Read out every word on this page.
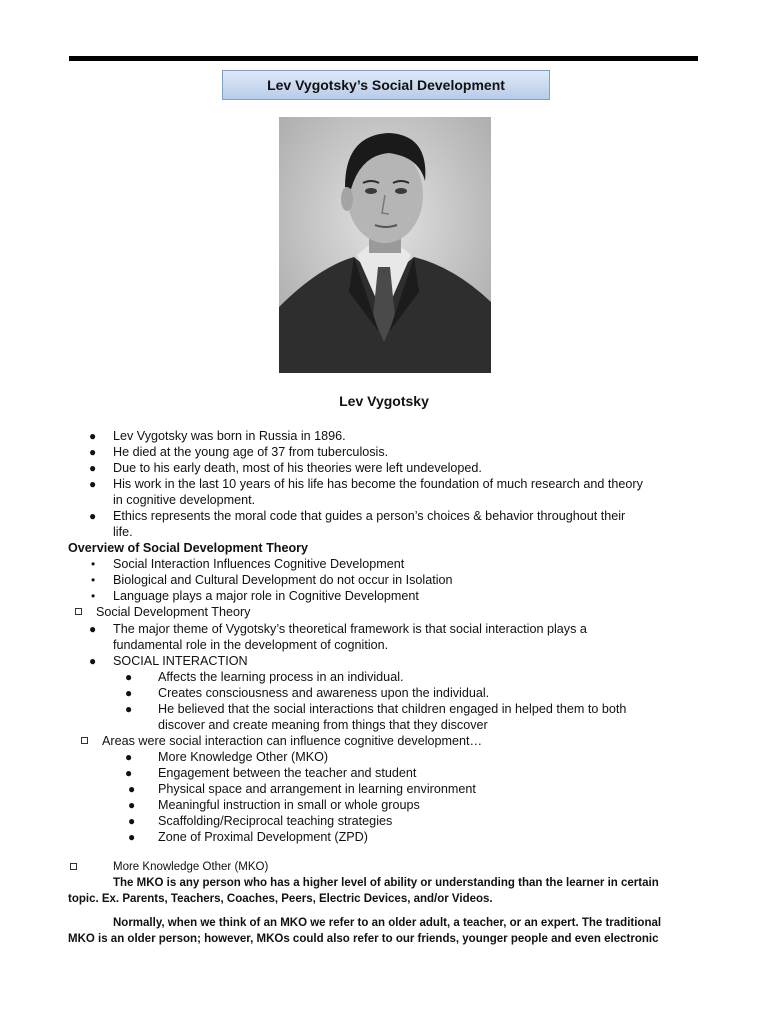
Lev Vygotsky’s Social Development
Lev Vygotsky
● Lev Vygotsky was born in Russia in 1896.
● He died at the young age of 37 from tuberculosis.
● Due to his early death, most of his theories were left undeveloped.
● His work in the last 10 years of his life has become the foundation of much research and theory
in cognitive development.
● Ethics represents the moral code that guides a person’s choices & behavior throughout their
life.
Overview of Social Development Theory
• Social Interaction Influences Cognitive Development
• Biological and Cultural Development do not occur in Isolation
• Language plays a major role in Cognitive Development
Social Development Theory
● The major theme of Vygotsky’s theoretical framework is that social interaction plays a
fundamental role in the development of cognition.
● SOCIAL INTERACTION
● Affects the learning process in an individual.
● Creates consciousness and awareness upon the individual.
● He believed that the social interactions that children engaged in helped them to both
discover and create meaning from things that they discover
Areas were social interaction can influence cognitive development…
● More Knowledge Other (MKO)
● Engagement between the teacher and student
● Physical space and arrangement in learning environment
● Meaningful instruction in small or whole groups
● Scaffolding/Reciprocal teaching strategies
● Zone of Proximal Development (ZPD)
More Knowledge Other (MKO)
The MKO is any person who has a higher level of ability or understanding than the learner in certain
topic. Ex. Parents, Teachers, Coaches, Peers, Electric Devices, and/or Videos.
Normally, when we think of an MKO we refer to an older adult, a teacher, or an expert. The traditional
MKO is an older person; however, MKOs could also refer to our friends, younger people and even electronic
